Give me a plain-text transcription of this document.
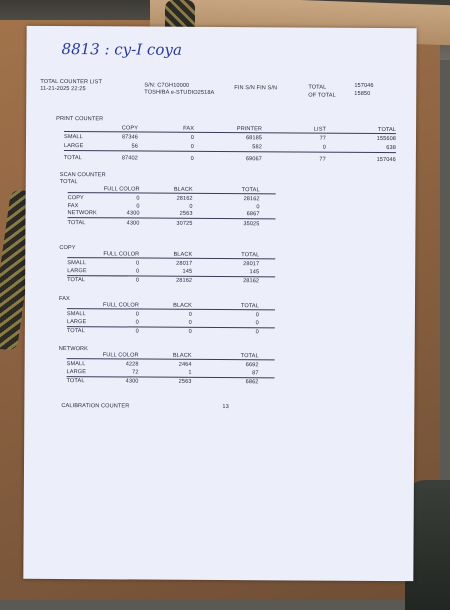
8813 : cy-I соуа
TOTAL COUNTER LIST
11-21-2025 22:25
S/N: C7GH10000
TOSHIBA e-STUDIO2518A
FIN S/N FIN S/N	TOTAL	157046
OF TOTAL	15850
PRINT COUNTER
COPY	FAX	PRINTER	LIST	TOTAL
SMALL	87346	0	68185	77	155608
LARGE	56	0	582	0	638
TOTAL	87402	0	69067	77	157046
SCAN COUNTER
TOTAL
FULL COLOR	BLACK	TOTAL
COPY	0	28162	28162
FAX	0	0	0
NETWORK	4300	2563	6867
TOTAL	4300	30725	35025
COPY
FULL COLOR	BLACK	TOTAL
SMALL	0	28017	28017
LARGE	0	145	145
TOTAL	0	28162	28162
FAX
FULL COLOR	BLACK	TOTAL
SMALL	0	0	0
LARGE	0	0	0
TOTAL	0	0	0
NETWORK
FULL COLOR	BLACK	TOTAL
SMALL	4228	2464	6692
LARGE	72	1	87
TOTAL	4300	2563	6862
CALIBRATION COUNTER	13
